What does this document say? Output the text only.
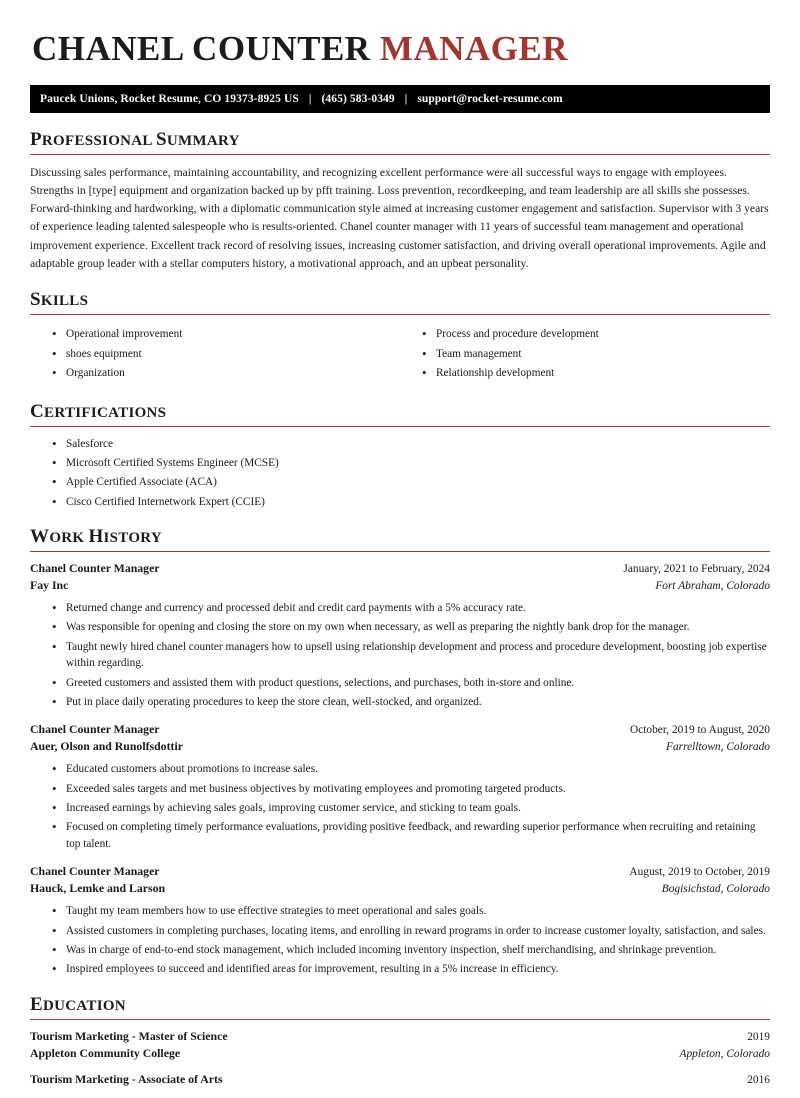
CHANEL COUNTER MANAGER
Paucek Unions, Rocket Resume, CO 19373-8925 US | (465) 583-0349 | support@rocket-resume.com
PROFESSIONAL SUMMARY
Discussing sales performance, maintaining accountability, and recognizing excellent performance were all successful ways to engage with employees. Strengths in [type] equipment and organization backed up by pfft training. Loss prevention, recordkeeping, and team leadership are all skills she possesses. Forward-thinking and hardworking, with a diplomatic communication style aimed at increasing customer engagement and satisfaction. Supervisor with 3 years of experience leading talented salespeople who is results-oriented. Chanel counter manager with 11 years of successful team management and operational improvement experience. Excellent track record of resolving issues, increasing customer satisfaction, and driving overall operational improvements. Agile and adaptable group leader with a stellar computers history, a motivational approach, and an upbeat personality.
SKILLS
• Operational improvement
• shoes equipment
• Organization
• Process and procedure development
• Team management
• Relationship development
CERTIFICATIONS
• Salesforce
• Microsoft Certified Systems Engineer (MCSE)
• Apple Certified Associate (ACA)
• Cisco Certified Internetwork Expert (CCIE)
WORK HISTORY
Chanel Counter Manager	January, 2021 to February, 2024
Fay Inc	Fort Abraham, Colorado
• Returned change and currency and processed debit and credit card payments with a 5% accuracy rate.
• Was responsible for opening and closing the store on my own when necessary, as well as preparing the nightly bank drop for the manager.
• Taught newly hired chanel counter managers how to upsell using relationship development and process and procedure development, boosting job expertise within regarding.
• Greeted customers and assisted them with product questions, selections, and purchases, both in-store and online.
• Put in place daily operating procedures to keep the store clean, well-stocked, and organized.
Chanel Counter Manager	October, 2019 to August, 2020
Auer, Olson and Runolfsdottir	Farrelltown, Colorado
• Educated customers about promotions to increase sales.
• Exceeded sales targets and met business objectives by motivating employees and promoting targeted products.
• Increased earnings by achieving sales goals, improving customer service, and sticking to team goals.
• Focused on completing timely performance evaluations, providing positive feedback, and rewarding superior performance when recruiting and retaining top talent.
Chanel Counter Manager	August, 2019 to October, 2019
Hauck, Lemke and Larson	Bogisichstad, Colorado
• Taught my team members how to use effective strategies to meet operational and sales goals.
• Assisted customers in completing purchases, locating items, and enrolling in reward programs in order to increase customer loyalty, satisfaction, and sales.
• Was in charge of end-to-end stock management, which included incoming inventory inspection, shelf merchandising, and shrinkage prevention.
• Inspired employees to succeed and identified areas for improvement, resulting in a 5% increase in efficiency.
EDUCATION
Tourism Marketing - Master of Science	2019
Appleton Community College	Appleton, Colorado
Tourism Marketing - Associate of Arts	2016
